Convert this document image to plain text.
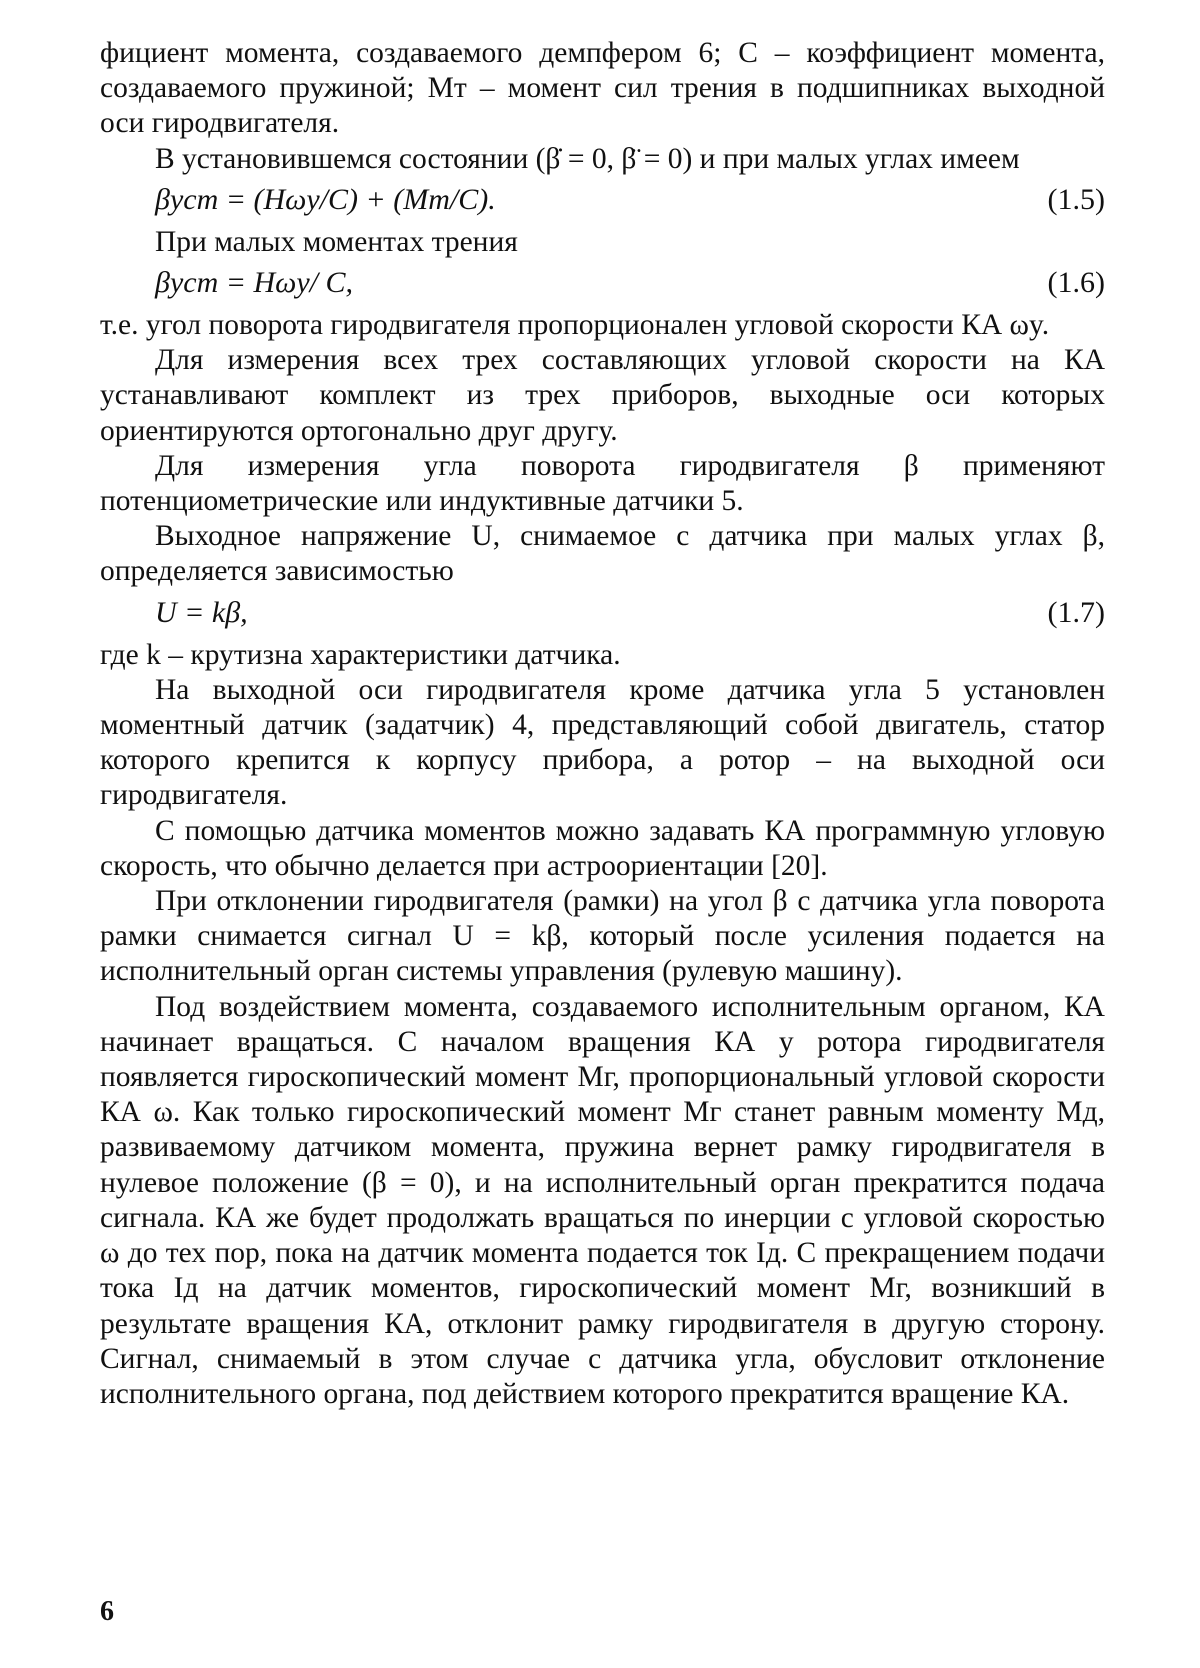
фициент момента, создаваемого демпфером 6; C – коэффициент момента, создаваемого пружиной; Mт – момент сил трения в подшипниках выходной оси гиродвигателя.

В установившемся состоянии (β̇ = 0, β̈ = 0) и при малых углах имеем

βуст = (Hωy/C) + (Mт/C).	(1.5)

При малых моментах трения

βуст = Hωy/ C,	(1.6)

т.е. угол поворота гиродвигателя пропорционален угловой скорости КА ωy.

Для измерения всех трех составляющих угловой скорости на КА устанавливают комплект из трех приборов, выходные оси которых ориентируются ортогонально друг другу.

Для измерения угла поворота гиродвигателя β применяют потенциометрические или индуктивные датчики 5.

Выходное напряжение U, снимаемое с датчика при малых углах β, определяется зависимостью

U = kβ,	(1.7)

где k – крутизна характеристики датчика.

На выходной оси гиродвигателя кроме датчика угла 5 установлен моментный датчик (задатчик) 4, представляющий собой двигатель, статор которого крепится к корпусу прибора, а ротор – на выходной оси гиродвигателя.

С помощью датчика моментов можно задавать КА программную угловую скорость, что обычно делается при астроориентации [20].

При отклонении гиродвигателя (рамки) на угол β с датчика угла поворота рамки снимается сигнал U = kβ, который после усиления подается на исполнительный орган системы управления (рулевую машину).

Под воздействием момента, создаваемого исполнительным органом, КА начинает вращаться. С началом вращения КА у ротора гиродвигателя появляется гироскопический момент Mг, пропорциональный угловой скорости КА ω. Как только гироскопический момент Mг станет равным моменту Mд, развиваемому датчиком момента, пружина вернет рамку гиродвигателя в нулевое положение (β = 0), и на исполнительный орган прекратится подача сигнала. КА же будет продолжать вращаться по инерции с угловой скоростью ω до тех пор, пока на датчик момента подается ток Iд. С прекращением подачи тока Iд на датчик моментов, гироскопический момент Mг, возникший в результате вращения КА, отклонит рамку гиродвигателя в другую сторону. Сигнал, снимаемый в этом случае с датчика угла, обусловит отклонение исполнительного органа, под действием которого прекратится вращение КА.

6
